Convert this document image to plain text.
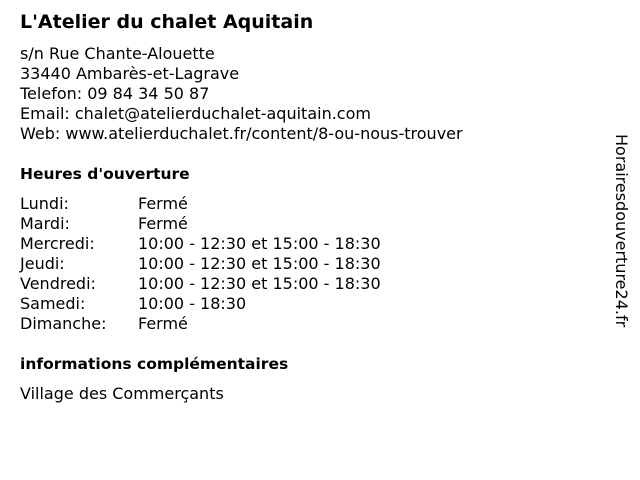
L'Atelier du chalet Aquitain
s/n Rue Chante-Alouette
33440 Ambarès-et-Lagrave
Telefon: 09 84 34 50 87
Email: chalet@atelierduchalet-aquitain.com
Web: www.atelierduchalet.fr/content/8-ou-nous-trouver
Heures d'ouverture
Lundi:	Fermé
Mardi:	Fermé
Mercredi:	10:00 - 12:30 et 15:00 - 18:30
Jeudi:	10:00 - 12:30 et 15:00 - 18:30
Vendredi:	10:00 - 12:30 et 15:00 - 18:30
Samedi:	10:00 - 18:30
Dimanche:	Fermé
informations complémentaires
Village des Commerçants
Horairesdouverture24.fr
